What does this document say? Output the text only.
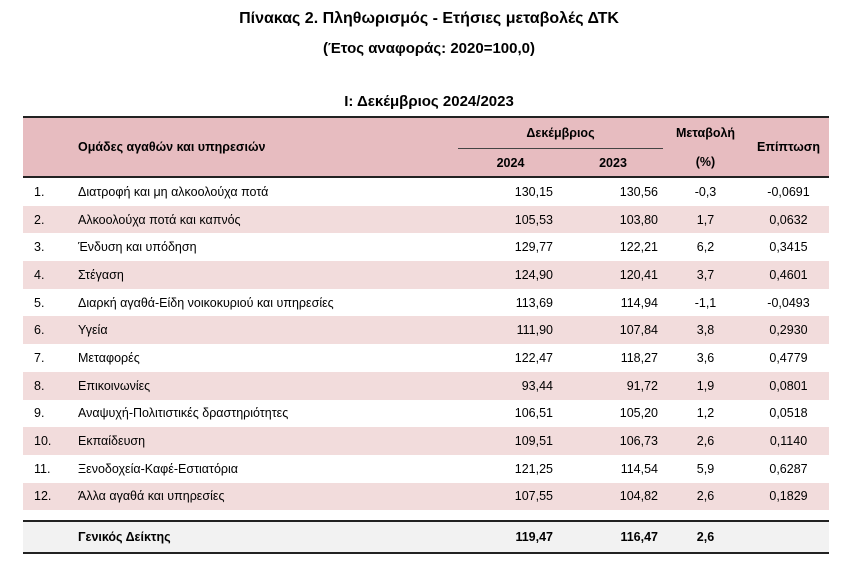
Πίνακας 2. Πληθωρισμός - Ετήσιες μεταβολές ΔΤΚ
(Έτος αναφοράς: 2020=100,0)
Ι: Δεκέμβριος 2024/2023
	Ομάδες αγαθών και υπηρεσιών	Δεκέμβριος		Μεταβολή	Επίπτωση
		2024	2023	(%)	
1.	Διατροφή και μη αλκοολούχα ποτά	130,15	130,56	-0,3	-0,0691
2.	Αλκοολούχα ποτά και καπνός	105,53	103,80	1,7	0,0632
3.	Ένδυση και υπόδηση	129,77	122,21	6,2	0,3415
4.	Στέγαση	124,90	120,41	3,7	0,4601
5.	Διαρκή αγαθά-Είδη νοικοκυριού και υπηρεσίες	113,69	114,94	-1,1	-0,0493
6.	Υγεία	111,90	107,84	3,8	0,2930
7.	Μεταφορές	122,47	118,27	3,6	0,4779
8.	Επικοινωνίες	93,44	91,72	1,9	0,0801
9.	Αναψυχή-Πολιτιστικές δραστηριότητες	106,51	105,20	1,2	0,0518
10.	Εκπαίδευση	109,51	106,73	2,6	0,1140
11.	Ξενοδοχεία-Καφέ-Εστιατόρια	121,25	114,54	5,9	0,6287
12.	Άλλα αγαθά και υπηρεσίες	107,55	104,82	2,6	0,1829

	Γενικός Δείκτης	119,47	116,47	2,6	
